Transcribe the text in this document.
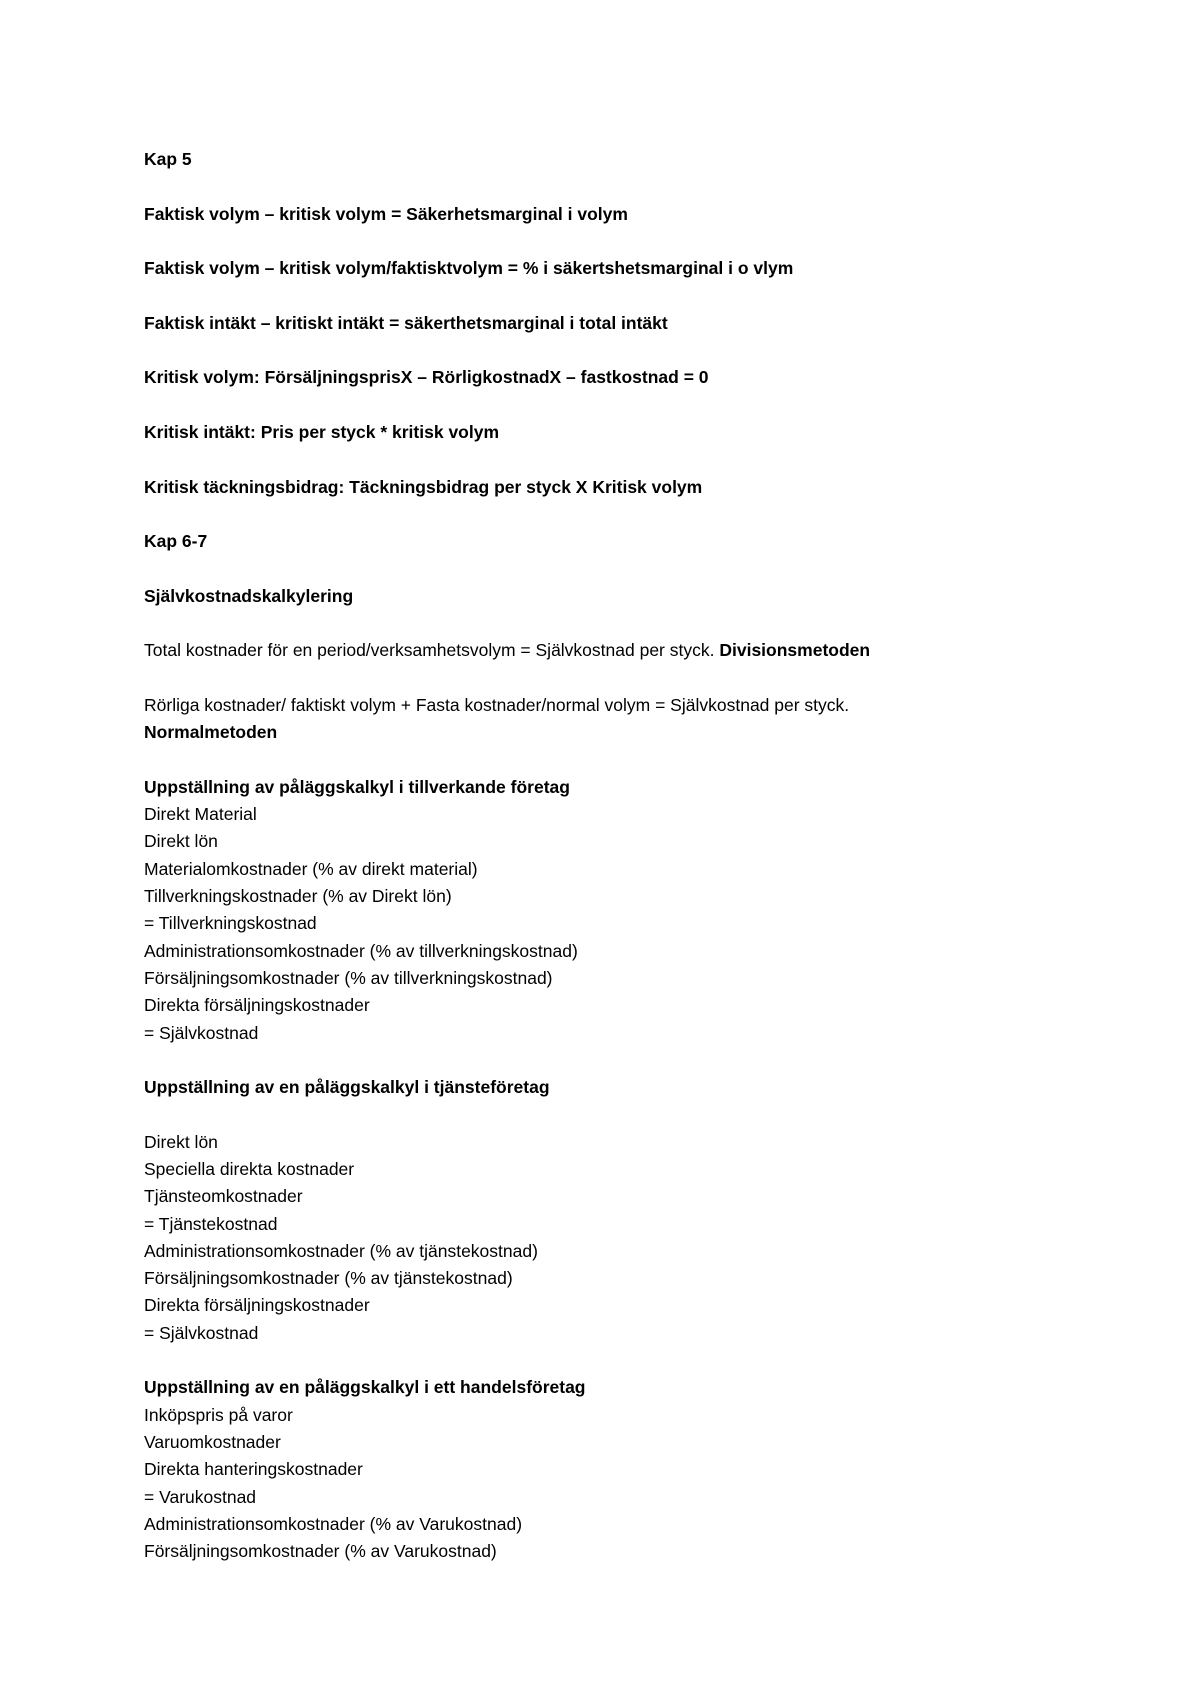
Kap 5
Faktisk volym – kritisk volym = Säkerhetsmarginal i volym
Faktisk volym – kritisk volym/faktisktvolym = % i säkertshetsmarginal i o vlym
Faktisk intäkt – kritiskt intäkt = säkerthetsmarginal i total intäkt
Kritisk volym: FörsäljningsprisX – RörligkostnadX – fastkostnad = 0
Kritisk intäkt: Pris per styck * kritisk volym
Kritisk täckningsbidrag: Täckningsbidrag per styck X Kritisk volym
Kap 6-7
Självkostnadskalkylering
Total kostnader för en period/verksamhetsvolym = Självkostnad per styck. Divisionsmetoden
Rörliga kostnader/ faktiskt volym + Fasta kostnader/normal volym = Självkostnad per styck.
Normalmetoden
Uppställning av påläggskalkyl i tillverkande företag
Direkt Material
Direkt lön
Materialomkostnader (% av direkt material)
Tillverkningskostnader (% av Direkt lön)
= Tillverkningskostnad
Administrationsomkostnader (% av tillverkningskostnad)
Försäljningsomkostnader (% av tillverkningskostnad)
Direkta försäljningskostnader
= Självkostnad
Uppställning av en påläggskalkyl i tjänsteföretag
Direkt lön
Speciella direkta kostnader
Tjänsteomkostnader
= Tjänstekostnad
Administrationsomkostnader (% av tjänstekostnad)
Försäljningsomkostnader (% av tjänstekostnad)
Direkta försäljningskostnader
= Självkostnad
Uppställning av en påläggskalkyl i ett handelsföretag
Inköpspris på varor
Varuomkostnader
Direkta hanteringskostnader
= Varukostnad
Administrationsomkostnader (% av Varukostnad)
Försäljningsomkostnader (% av Varukostnad)
